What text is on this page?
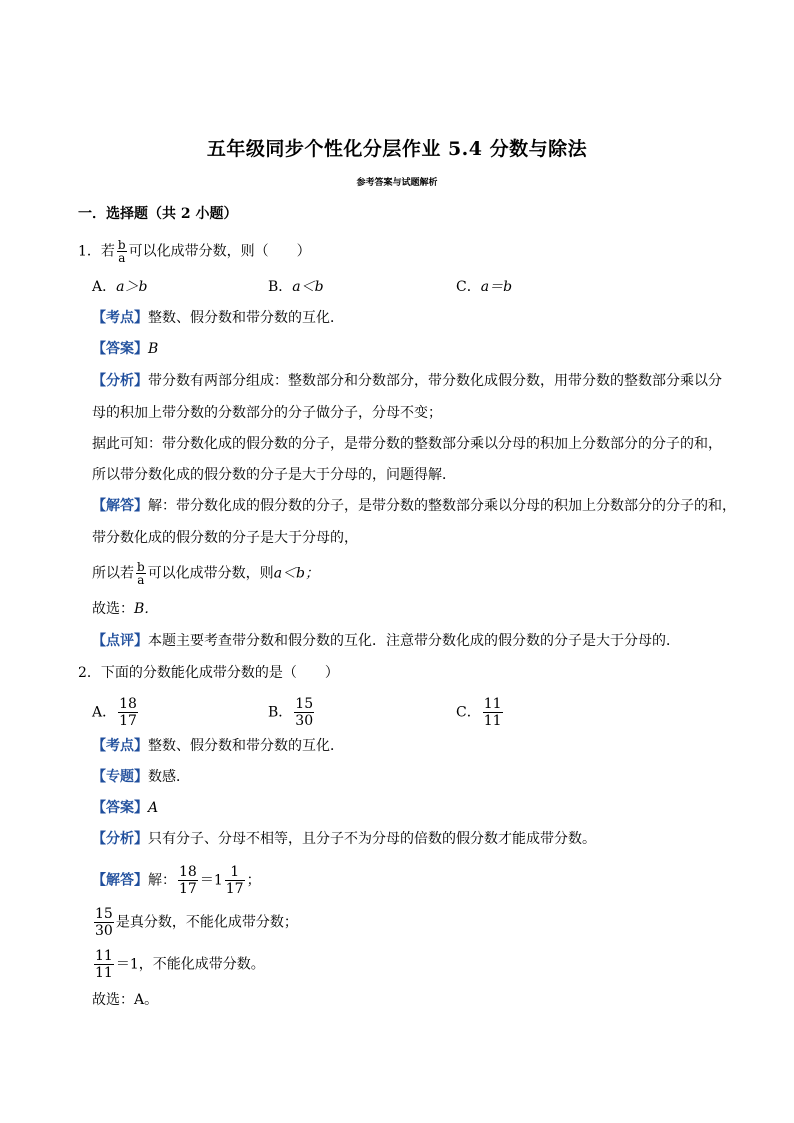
五年级同步个性化分层作业 5.4 分数与除法
参考答案与试题解析
一．选择题（共 2 小题）
1．若 $\frac{b}{a}$ 可以化成带分数，则（　　）
A．a＞b	B．a＜b	C．a＝b
【考点】整数、假分数和带分数的互化．
【答案】B
【分析】带分数有两部分组成：整数部分和分数部分，带分数化成假分数，用带分数的整数部分乘以分
母的积加上带分数的分数部分的分子做分子，分母不变；
据此可知：带分数化成的假分数的分子，是带分数的整数部分乘以分母的积加上分数部分的分子的和，
所以带分数化成的假分数的分子是大于分母的，问题得解．
【解答】解：带分数化成的假分数的分子，是带分数的整数部分乘以分母的积加上分数部分的分子的和，
带分数化成的假分数的分子是大于分母的，
所以若 $\frac{b}{a}$ 可以化成带分数，则a＜b；
故选：B．
【点评】本题主要考查带分数和假分数的互化．注意带分数化成的假分数的分子是大于分母的．
2．下面的分数能化成带分数的是（　　）
A． $\frac{18}{17}$	B． $\frac{15}{30}$	C． $\frac{11}{11}$
【考点】整数、假分数和带分数的互化．
【专题】数感．
【答案】A
【分析】只有分子、分母不相等，且分子不为分母的倍数的假分数才能成带分数。
【解答】解： $\frac{18}{17} =1 \frac{1}{17}$ ；
$\frac{15}{30}$ 是真分数，不能化成带分数；
$\frac{11}{11} =1$，不能化成带分数。
故选：A。
